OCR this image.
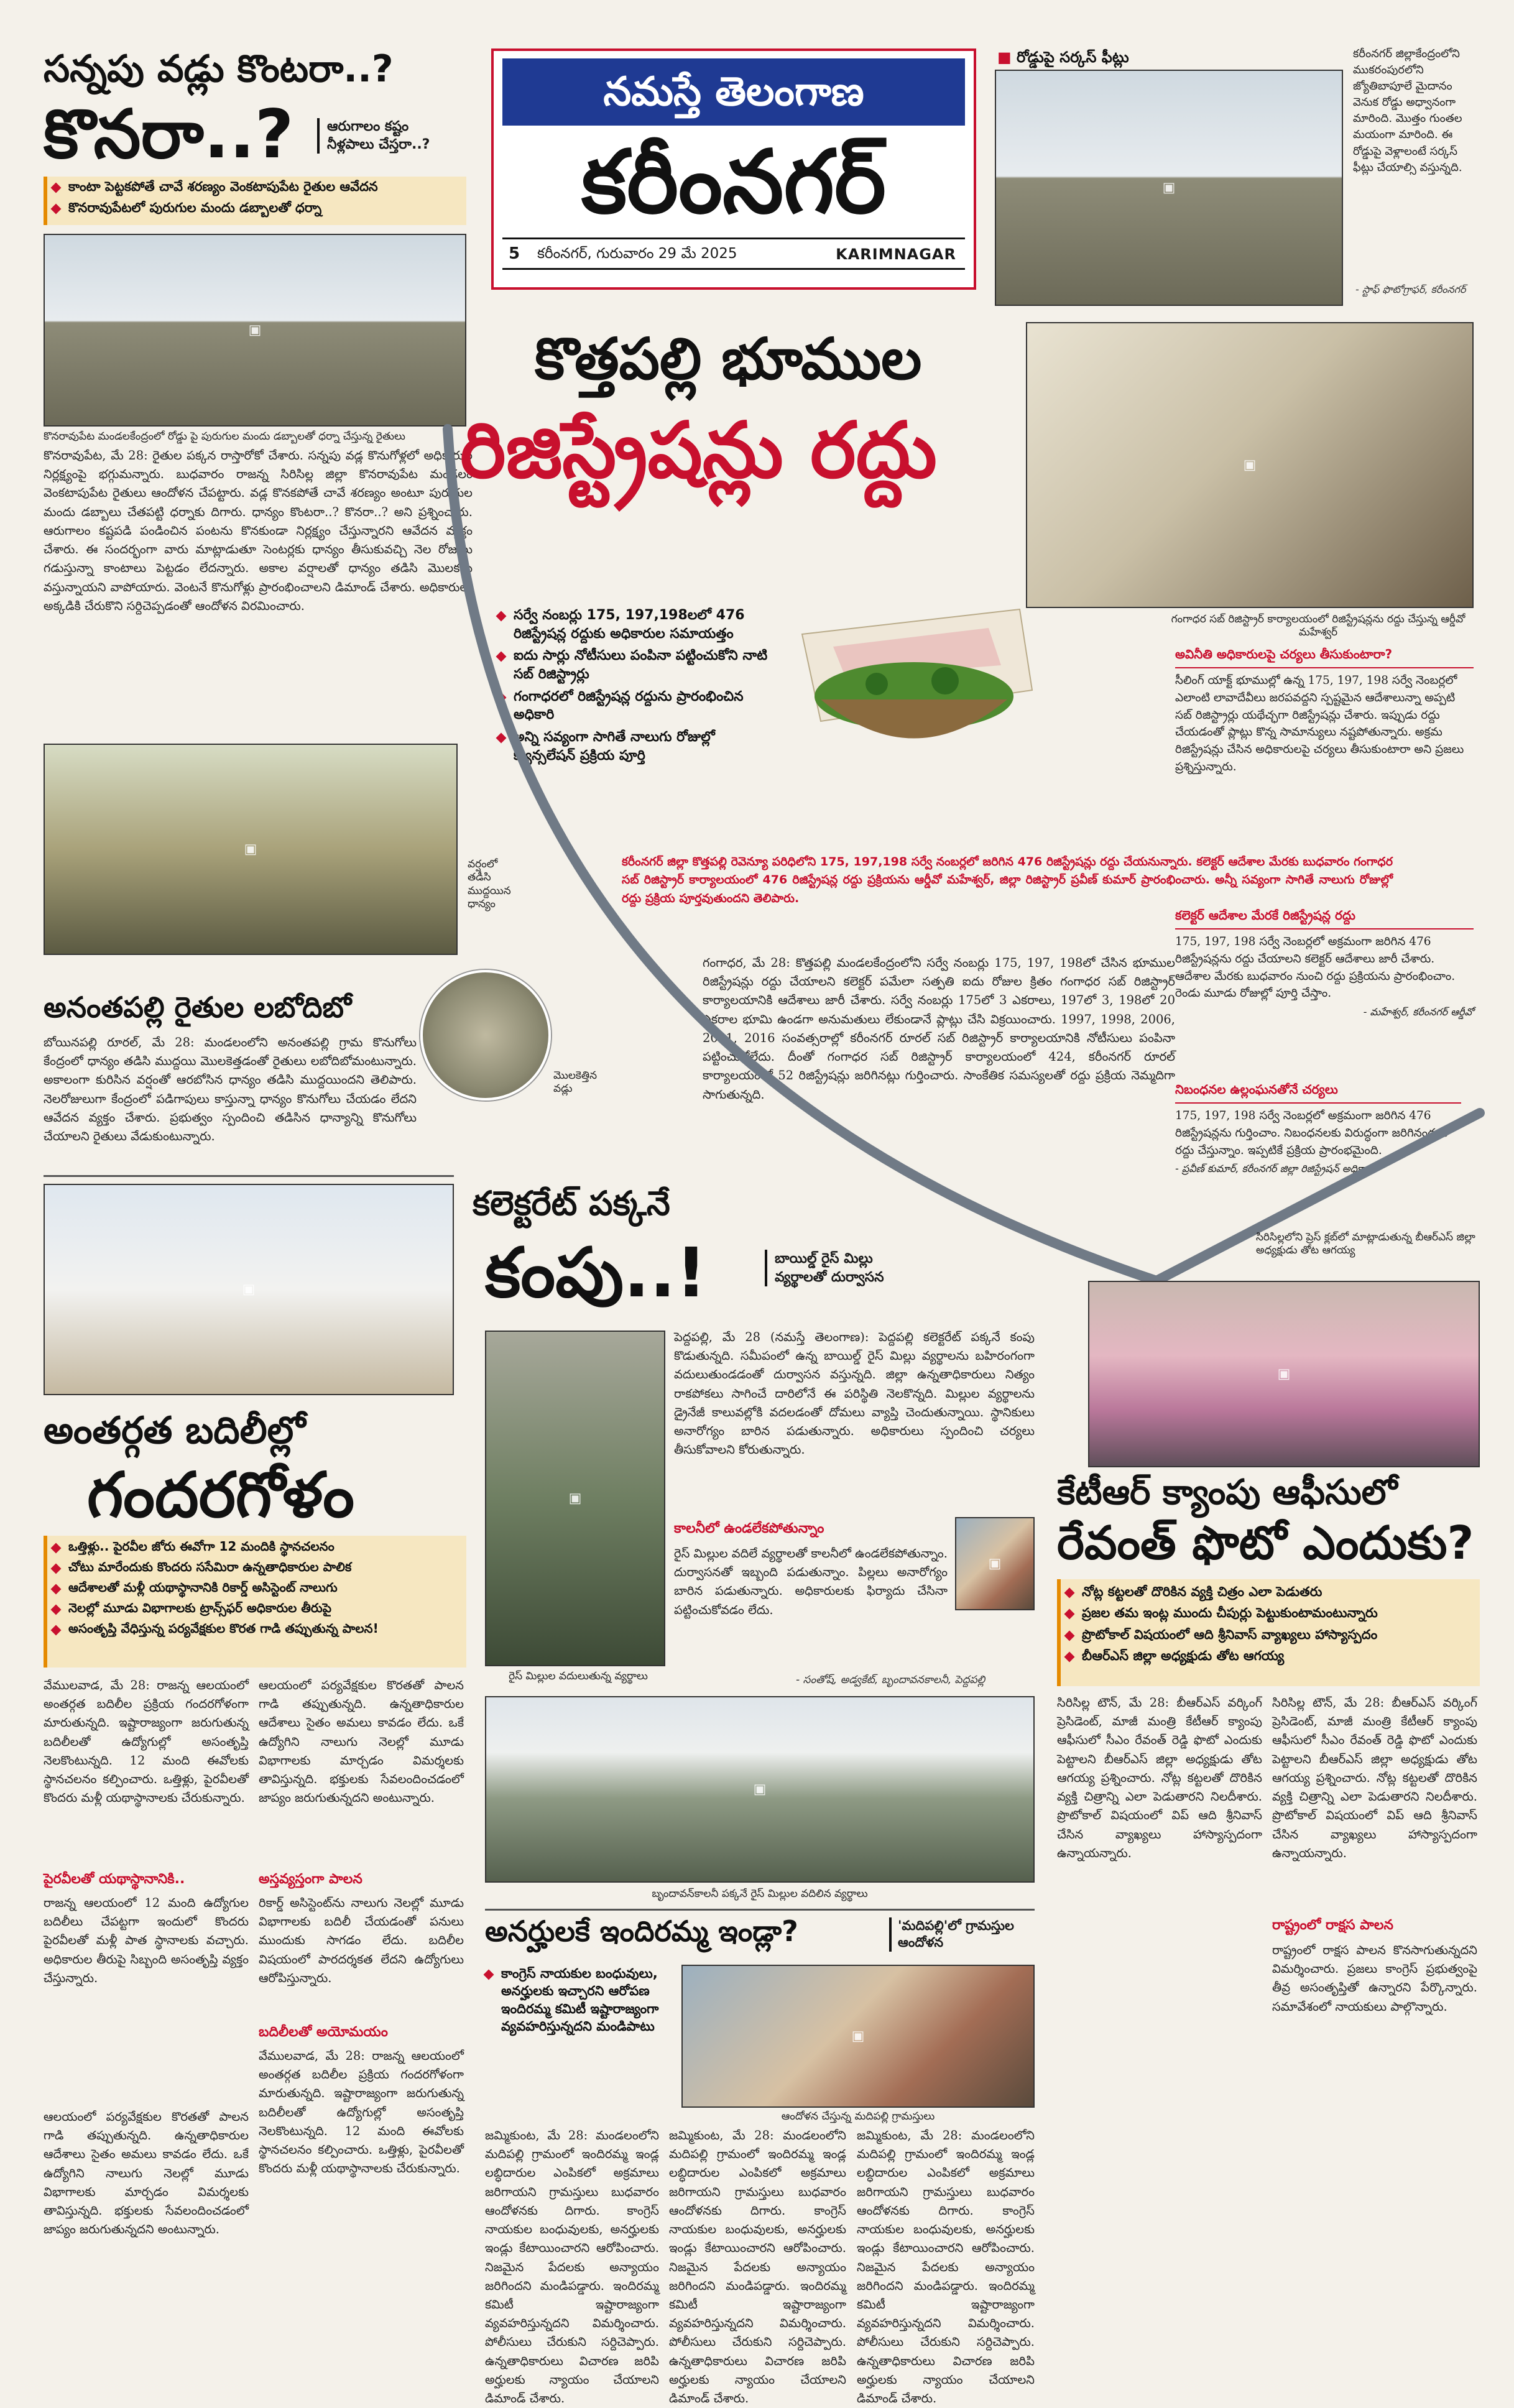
నమస్తే తెలంగాణ
కరీంనగర్
5 కరీంనగర్, గురువారం 29 మే 2025	KARIMNAGAR
సన్నపు వడ్లు కొంటరా..?
కొనరా..? ఆరుగాలం కష్టం
నీళ్లపాలు చేస్తరా..?
కాంటా పెట్టకపోతే చావే శరణ్యం వెంకటాపుపేట రైతుల ఆవేదన
కొనరావుపేటలో పురుగుల మందు డబ్బాలతో ధర్నా
▣
కొనరావుపేట మండలకేంద్రంలో రోడ్డు పై పురుగుల మందు డబ్బాలతో ధర్నా చేస్తున్న రైతులు
కొనరావుపేట, మే 28: రైతుల పక్కన రాస్తారోకో చేశారు. సన్నపు వడ్ల కొనుగోళ్లలో అధికారుల నిర్లక్ష్యంపై భగ్గుమన్నారు. బుధవారం రాజన్న సిరిసిల్ల జిల్లా కొనరావుపేట మండలం వెంకటాపుపేట రైతులు ఆందోళన చేపట్టారు. వడ్ల కొనకపోతే చావే శరణ్యం అంటూ పురుగుల మందు డబ్బాలు చేతపట్టి ధర్నాకు దిగారు. ధాన్యం కొంటరా..? కొనరా..? అని ప్రశ్నించారు. ఆరుగాలం కష్టపడి పండించిన పంటను కొనకుండా నిర్లక్ష్యం చేస్తున్నారని ఆవేదన వ్యక్తం చేశారు. ఈ సందర్భంగా వారు మాట్లాడుతూ సెంటర్లకు ధాన్యం తీసుకువచ్చి నెల రోజులు గడుస్తున్నా కాంటాలు పెట్టడం లేదన్నారు. అకాల వర్షాలతో ధాన్యం తడిసి మొలకలు వస్తున్నాయని వాపోయారు. వెంటనే కొనుగోళ్లు ప్రారంభించాలని డిమాండ్ చేశారు. అధికారులు అక్కడికి చేరుకొని సర్దిచెప్పడంతో ఆందోళన విరమించారు.
▣
వర్షంలో తడిసి ముద్దయిన ధాన్యం
మొలకెత్తిన వడ్లు
అనంతపల్లి రైతుల లబోదిబో
బోయినపల్లి రూరల్, మే 28: మండలంలోని అనంతపల్లి గ్రామ కొనుగోలు కేంద్రంలో ధాన్యం తడిసి ముద్దయి మొలకెత్తడంతో రైతులు లబోదిబోమంటున్నారు. అకాలంగా కురిసిన వర్షంతో ఆరబోసిన ధాన్యం తడిసి ముద్దయిందని తెలిపారు. నెలరోజులుగా కేంద్రంలో పడిగాపులు కాస్తున్నా ధాన్యం కొనుగోలు చేయడం లేదని ఆవేదన వ్యక్తం చేశారు. ప్రభుత్వం స్పందించి తడిసిన ధాన్యాన్ని కొనుగోలు చేయాలని రైతులు వేడుకుంటున్నారు.
■ రోడ్డుపై సర్కస్ ఫీట్లు
▣
కరీంనగర్ జిల్లాకేంద్రంలోని ముకరంపురలోని జ్యోతిబాపూలే మైదానం వెనుక రోడ్డు అధ్వానంగా మారింది. మొత్తం గుంతల మయంగా మారింది. ఈ రోడ్డుపై వెళ్లాలంటే సర్కస్ ఫీట్లు చేయాల్సి వస్తున్నది.
- స్టాఫ్ ఫొటోగ్రాఫర్, కరీంనగర్
కొత్తపల్లి భూముల
రిజిస్ట్రేషన్లు రద్దు	▣
గంగాధర సబ్ రిజిస్ట్రార్ కార్యాలయంలో రిజిస్ట్రేషన్లను రద్దు చేస్తున్న ఆర్డీవో మహేశ్వర్
సర్వే నంబర్లు 175, 197,198లలో 476 రిజిస్ట్రేషన్ల రద్దుకు అధికారుల సమాయత్తం
ఐదు సార్లు నోటీసులు పంపినా పట్టించుకోని నాటి సబ్ రిజిస్ట్రార్లు
గంగాధరలో రిజిస్ట్రేషన్ల రద్దును ప్రారంభించిన అధికారి
అన్ని సవ్యంగా సాగితే నాలుగు రోజుల్లో క్యాన్సలేషన్ ప్రక్రియ పూర్తి
కరీంనగర్ జిల్లా కొత్తపల్లి రెవెన్యూ పరిధిలోని 175, 197,198 సర్వే నంబర్లలో జరిగిన 476 రిజిస్ట్రేషన్లు రద్దు చేయనున్నారు. కలెక్టర్ ఆదేశాల మేరకు బుధవారం గంగాధర సబ్ రిజిస్ట్రార్ కార్యాలయంలో 476 రిజిస్ట్రేషన్ల రద్దు ప్రక్రియను ఆర్డీవో మహేశ్వర్, జిల్లా రిజిస్ట్రార్ ప్రవీణ్ కుమార్ ప్రారంభించారు. అన్నీ సవ్యంగా సాగితే నాలుగు రోజుల్లో రద్దు ప్రక్రియ పూర్తవుతుందని తెలిపారు.
గంగాధర, మే 28: కొత్తపల్లి మండలకేంద్రంలోని సర్వే నంబర్లు 175, 197, 198లో చేసిన భూముల రిజిస్ట్రేషన్లు రద్దు చేయాలని కలెక్టర్ పమేలా సత్పతి ఐదు రోజుల క్రితం గంగాధర సబ్ రిజిస్ట్రార్ కార్యాలయానికి ఆదేశాలు జారీ చేశారు. సర్వే నంబర్లు 175లో 3 ఎకరాలు, 197లో 3, 198లో 20 ఎకరాల భూమి ఉండగా అనుమతులు లేకుండానే ప్లాట్లు చేసి విక్రయించారు. 1997, 1998, 2006, 2011, 2016 సంవత్సరాల్లో కరీంనగర్ రూరల్ సబ్ రిజిస్ట్రార్ కార్యాలయానికి నోటీసులు పంపినా పట్టించుకోలేదు. దీంతో గంగాధర సబ్ రిజిస్ట్రార్ కార్యాలయంలో 424, కరీంనగర్ రూరల్ కార్యాలయంలో 52 రిజిస్ట్రేషన్లు జరిగినట్లు గుర్తించారు. సాంకేతిక సమస్యలతో రద్దు ప్రక్రియ నెమ్మదిగా సాగుతున్నది.
అవినీతి అధికారులపై చర్యలు తీసుకుంటారా?
సీలింగ్ యాక్ట్ భూముల్లో ఉన్న 175, 197, 198 సర్వే నెంబర్లలో ఎలాంటి లావాదేవీలు జరపవద్దని స్పష్టమైన ఆదేశాలున్నా అప్పటి సబ్ రిజిస్ట్రార్లు యథేచ్ఛగా రిజిస్ట్రేషన్లు చేశారు. ఇప్పుడు రద్దు చేయడంతో ప్లాట్లు కొన్న సామాన్యులు నష్టపోతున్నారు. అక్రమ రిజిస్ట్రేషన్లు చేసిన అధికారులపై చర్యలు తీసుకుంటారా అని ప్రజలు ప్రశ్నిస్తున్నారు.
కలెక్టర్ ఆదేశాల మేరకే రిజిస్ట్రేషన్ల రద్దు
175, 197, 198 సర్వే నెంబర్లలో అక్రమంగా జరిగిన 476 రిజిస్ట్రేషన్లను రద్దు చేయాలని కలెక్టర్ ఆదేశాలు జారీ చేశారు. ఆదేశాల మేరకు బుధవారం నుంచి రద్దు ప్రక్రియను ప్రారంభించాం. రెండు మూడు రోజుల్లో పూర్తి చేస్తాం.
- మహేశ్వర్, కరీంనగర్ ఆర్డీవో
నిబంధనల ఉల్లంఘనతోనే చర్యలు
175, 197, 198 సర్వే నెంబర్లలో అక్రమంగా జరిగిన 476 రిజిస్ట్రేషన్లను గుర్తించాం. నిబంధనలకు విరుద్ధంగా జరిగినందున రద్దు చేస్తున్నాం. ఇప్పటికే ప్రక్రియ ప్రారంభమైంది.
- ప్రవీణ్ కుమార్, కరీంనగర్ జిల్లా రిజిస్ట్రేషన్ అధికారి
▣
అంతర్గత బదిలీల్లో
గందరగోళం
ఒత్తిళ్లు.. పైరవీల జోరు ఈవోగా 12 మందికి స్థానచలనం
చోటు మారేందుకు కొందరు ససేమిరా ఉన్నతాధికారుల పాలిక
ఆదేశాలతో మళ్లీ యథాస్థానానికి రికార్డ్ అసిస్టెంట్ నాలుగు
నెలల్లో మూడు విభాగాలకు ట్రాన్స్‌ఫర్ అధికారుల తీరుపై
అసంతృప్తి వేధిస్తున్న పర్యవేక్షకుల కొరత గాడి తప్పుతున్న పాలన!
వేములవాడ, మే 28: రాజన్న ఆలయంలో అంతర్గత బదిలీల ప్రక్రియ గందరగోళంగా మారుతున్నది. ఇష్టారాజ్యంగా జరుగుతున్న బదిలీలతో ఉద్యోగుల్లో అసంతృప్తి నెలకొంటున్నది. 12 మంది ఈవోలకు స్థానచలనం కల్పించారు. ఒత్తిళ్లు, పైరవీలతో కొందరు మళ్లీ యథాస్థానాలకు చేరుకున్నారు.
ఆలయంలో పర్యవేక్షకుల కొరతతో పాలన గాడి తప్పుతున్నది. ఉన్నతాధికారుల ఆదేశాలు సైతం అమలు కావడం లేదు. ఒకే ఉద్యోగిని నాలుగు నెలల్లో మూడు విభాగాలకు మార్చడం విమర్శలకు తావిస్తున్నది. భక్తులకు సేవలందించడంలో జాప్యం జరుగుతున్నదని అంటున్నారు.
అస్తవ్యస్తంగా పాలన
పైరవీలతో యథాస్థానానికి..
రాజన్న ఆలయంలో 12 మంది ఉద్యోగుల బదిలీలు చేపట్టగా ఇందులో కొందరు పైరవీలతో మళ్లీ పాత స్థానాలకు వచ్చారు. అధికారుల తీరుపై సిబ్బంది అసంతృప్తి వ్యక్తం చేస్తున్నారు.
రికార్డ్ అసిస్టెంట్‌ను నాలుగు నెలల్లో మూడు విభాగాలకు బదిలీ చేయడంతో పనులు ముందుకు సాగడం లేదు. బదిలీల విషయంలో పారదర్శకత లేదని ఉద్యోగులు ఆరోపిస్తున్నారు.
బదిలీలతో అయోమయం
వేములవాడ, మే 28: రాజన్న ఆలయంలో అంతర్గత బదిలీల ప్రక్రియ గందరగోళంగా మారుతున్నది. ఇష్టారాజ్యంగా జరుగుతున్న బదిలీలతో ఉద్యోగుల్లో అసంతృప్తి నెలకొంటున్నది. 12 మంది ఈవోలకు స్థానచలనం కల్పించారు. ఒత్తిళ్లు, పైరవీలతో కొందరు మళ్లీ యథాస్థానాలకు చేరుకున్నారు.
ఆలయంలో పర్యవేక్షకుల కొరతతో పాలన గాడి తప్పుతున్నది. ఉన్నతాధికారుల ఆదేశాలు సైతం అమలు కావడం లేదు. ఒకే ఉద్యోగిని నాలుగు నెలల్లో మూడు విభాగాలకు మార్చడం విమర్శలకు తావిస్తున్నది. భక్తులకు సేవలందించడంలో జాప్యం జరుగుతున్నదని అంటున్నారు.
కలెక్టరేట్ పక్కనే
కంపు..!	బాయిల్డ్ రైస్ మిల్లు వ్యర్థాలతో దుర్వాసన
▣
రైస్ మిల్లుల వదులుతున్న వ్యర్థాలు
పెద్దపల్లి, మే 28 (నమస్తే తెలంగాణ): పెద్దపల్లి కలెక్టరేట్ పక్కనే కంపు కొడుతున్నది. సమీపంలో ఉన్న బాయిల్డ్ రైస్ మిల్లు వ్యర్థాలను బహిరంగంగా వదులుతుండడంతో దుర్వాసన వస్తున్నది. జిల్లా ఉన్నతాధికారులు నిత్యం రాకపోకలు సాగించే దారిలోనే ఈ పరిస్థితి నెలకొన్నది. మిల్లుల వ్యర్థాలను డ్రైనేజీ కాలువల్లోకి వదలడంతో దోమలు వ్యాప్తి చెందుతున్నాయి. స్థానికులు అనారోగ్యం బారిన పడుతున్నారు. అధికారులు స్పందించి చర్యలు తీసుకోవాలని కోరుతున్నారు.
కాలనీలో ఉండలేకపోతున్నాం
రైస్ మిల్లుల వదిలే వ్యర్థాలతో కాలనీలో ఉండలేకపోతున్నాం. దుర్వాసనతో ఇబ్బంది పడుతున్నాం. పిల్లలు అనారోగ్యం బారిన పడుతున్నారు. అధికారులకు ఫిర్యాదు చేసినా పట్టించుకోవడం లేదు.
▣
- సంతోష్, అడ్వకేట్, బృందావనకాలనీ, పెద్దపల్లి
▣
బృందావన్‌కాలనీ పక్కనే రైస్ మిల్లుల వదిలిన వ్యర్థాలు
సిరిసిల్లలోని ప్రెస్ క్లబ్‌లో మాట్లాడుతున్న బీఆర్ఎస్ జిల్లా అధ్యక్షుడు తోట ఆగయ్య
▣
కేటీఆర్ క్యాంపు ఆఫీసులో
రేవంత్ ఫొటో ఎందుకు?
నోట్ల కట్టలతో దొరికిన వ్యక్తి చిత్రం ఎలా పెడుతరు
ప్రజల తమ ఇంట్ల ముందు చీపుర్లు పెట్టుకుంటామంటున్నారు
ప్రొటోకాల్ విషయంలో ఆది శ్రీనివాస్ వ్యాఖ్యలు హాస్యాస్పదం
బీఆర్ఎస్ జిల్లా అధ్యక్షుడు తోట ఆగయ్య
సిరిసిల్ల టౌన్, మే 28: బీఆర్ఎస్ వర్కింగ్ ప్రెసిడెంట్, మాజీ మంత్రి కేటీఆర్ క్యాంపు ఆఫీసులో సీఎం రేవంత్ రెడ్డి ఫొటో ఎందుకు పెట్టాలని బీఆర్ఎస్ జిల్లా అధ్యక్షుడు తోట ఆగయ్య ప్రశ్నించారు. నోట్ల కట్టలతో దొరికిన వ్యక్తి చిత్రాన్ని ఎలా పెడుతారని నిలదీశారు. ప్రొటోకాల్ విషయంలో విప్ ఆది శ్రీనివాస్ చేసిన వ్యాఖ్యలు హాస్యాస్పదంగా ఉన్నాయన్నారు.
సిరిసిల్ల టౌన్, మే 28: బీఆర్ఎస్ వర్కింగ్ ప్రెసిడెంట్, మాజీ మంత్రి కేటీఆర్ క్యాంపు ఆఫీసులో సీఎం రేవంత్ రెడ్డి ఫొటో ఎందుకు పెట్టాలని బీఆర్ఎస్ జిల్లా అధ్యక్షుడు తోట ఆగయ్య ప్రశ్నించారు. నోట్ల కట్టలతో దొరికిన వ్యక్తి చిత్రాన్ని ఎలా పెడుతారని నిలదీశారు. ప్రొటోకాల్ విషయంలో విప్ ఆది శ్రీనివాస్ చేసిన వ్యాఖ్యలు హాస్యాస్పదంగా ఉన్నాయన్నారు.
రాష్ట్రంలో రాక్షస పాలన
రాష్ట్రంలో రాక్షస పాలన కొనసాగుతున్నదని విమర్శించారు. ప్రజలు కాంగ్రెస్ ప్రభుత్వంపై తీవ్ర అసంతృప్తితో ఉన్నారని పేర్కొన్నారు. సమావేశంలో నాయకులు పాల్గొన్నారు.
అనర్హులకే ఇందిరమ్మ ఇండ్లా?	'మదిపల్లి'లో గ్రామస్తుల ఆందోళన
కాంగ్రెస్ నాయకుల బంధువులు, అనర్హులకు ఇచ్చారని ఆరోపణ ఇందిరమ్మ కమిటీ ఇష్టారాజ్యంగా వ్యవహరిస్తున్నదని మండిపాటు
▣
ఆందోళన చేస్తున్న మదిపల్లి గ్రామస్తులు
జమ్మికుంట, మే 28: మండలంలోని మదిపల్లి గ్రామంలో ఇందిరమ్మ ఇండ్ల లబ్ధిదారుల ఎంపికలో అక్రమాలు జరిగాయని గ్రామస్తులు బుధవారం ఆందోళనకు దిగారు. కాంగ్రెస్ నాయకుల బంధువులకు, అనర్హులకు ఇండ్లు కేటాయించారని ఆరోపించారు. నిజమైన పేదలకు అన్యాయం జరిగిందని మండిపడ్డారు. ఇందిరమ్మ కమిటీ ఇష్టారాజ్యంగా వ్యవహరిస్తున్నదని విమర్శించారు. పోలీసులు చేరుకుని సర్దిచెప్పారు. ఉన్నతాధికారులు విచారణ జరిపి అర్హులకు న్యాయం చేయాలని డిమాండ్ చేశారు.
జమ్మికుంట, మే 28: మండలంలోని మదిపల్లి గ్రామంలో ఇందిరమ్మ ఇండ్ల లబ్ధిదారుల ఎంపికలో అక్రమాలు జరిగాయని గ్రామస్తులు బుధవారం ఆందోళనకు దిగారు. కాంగ్రెస్ నాయకుల బంధువులకు, అనర్హులకు ఇండ్లు కేటాయించారని ఆరోపించారు. నిజమైన పేదలకు అన్యాయం జరిగిందని మండిపడ్డారు. ఇందిరమ్మ కమిటీ ఇష్టారాజ్యంగా వ్యవహరిస్తున్నదని విమర్శించారు. పోలీసులు చేరుకుని సర్దిచెప్పారు. ఉన్నతాధికారులు విచారణ జరిపి అర్హులకు న్యాయం చేయాలని డిమాండ్ చేశారు.
జమ్మికుంట, మే 28: మండలంలోని మదిపల్లి గ్రామంలో ఇందిరమ్మ ఇండ్ల లబ్ధిదారుల ఎంపికలో అక్రమాలు జరిగాయని గ్రామస్తులు బుధవారం ఆందోళనకు దిగారు. కాంగ్రెస్ నాయకుల బంధువులకు, అనర్హులకు ఇండ్లు కేటాయించారని ఆరోపించారు. నిజమైన పేదలకు అన్యాయం జరిగిందని మండిపడ్డారు. ఇందిరమ్మ కమిటీ ఇష్టారాజ్యంగా వ్యవహరిస్తున్నదని విమర్శించారు. పోలీసులు చేరుకుని సర్దిచెప్పారు. ఉన్నతాధికారులు విచారణ జరిపి అర్హులకు న్యాయం చేయాలని డిమాండ్ చేశారు.
